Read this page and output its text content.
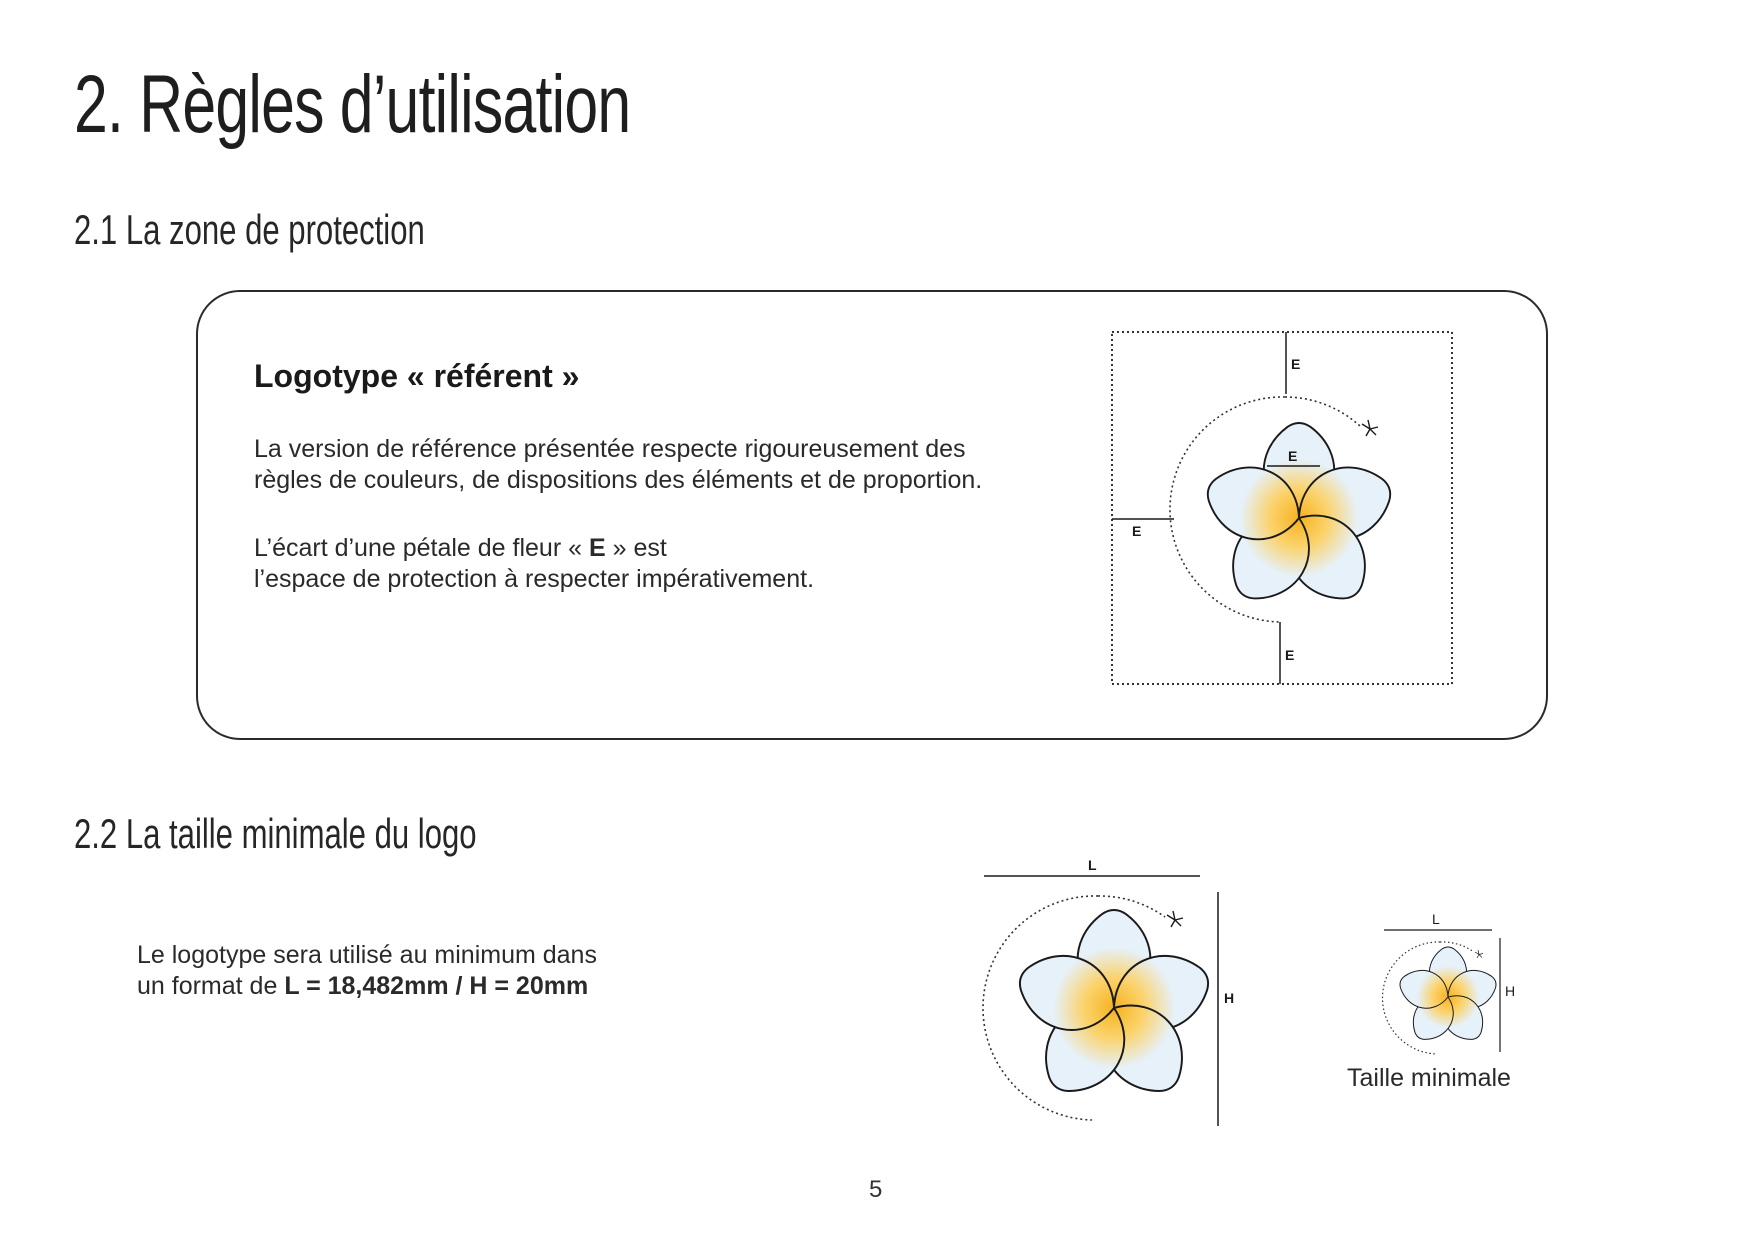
2. Règles d’utilisation
2.1 La zone de protection
Logotype « référent »

La version de référence présentée respecte rigoureusement des
règles de couleurs, de dispositions des éléments et de proportion.

L’écart d’une pétale de fleur « E » est
l’espace de protection à respecter impérativement.

E
E
E
E
2.2 La taille minimale du logo

Le logotype sera utilisé au minimum dans
un format de L = 18,482mm / H = 20mm

L
H
L
H
Taille minimale
5
